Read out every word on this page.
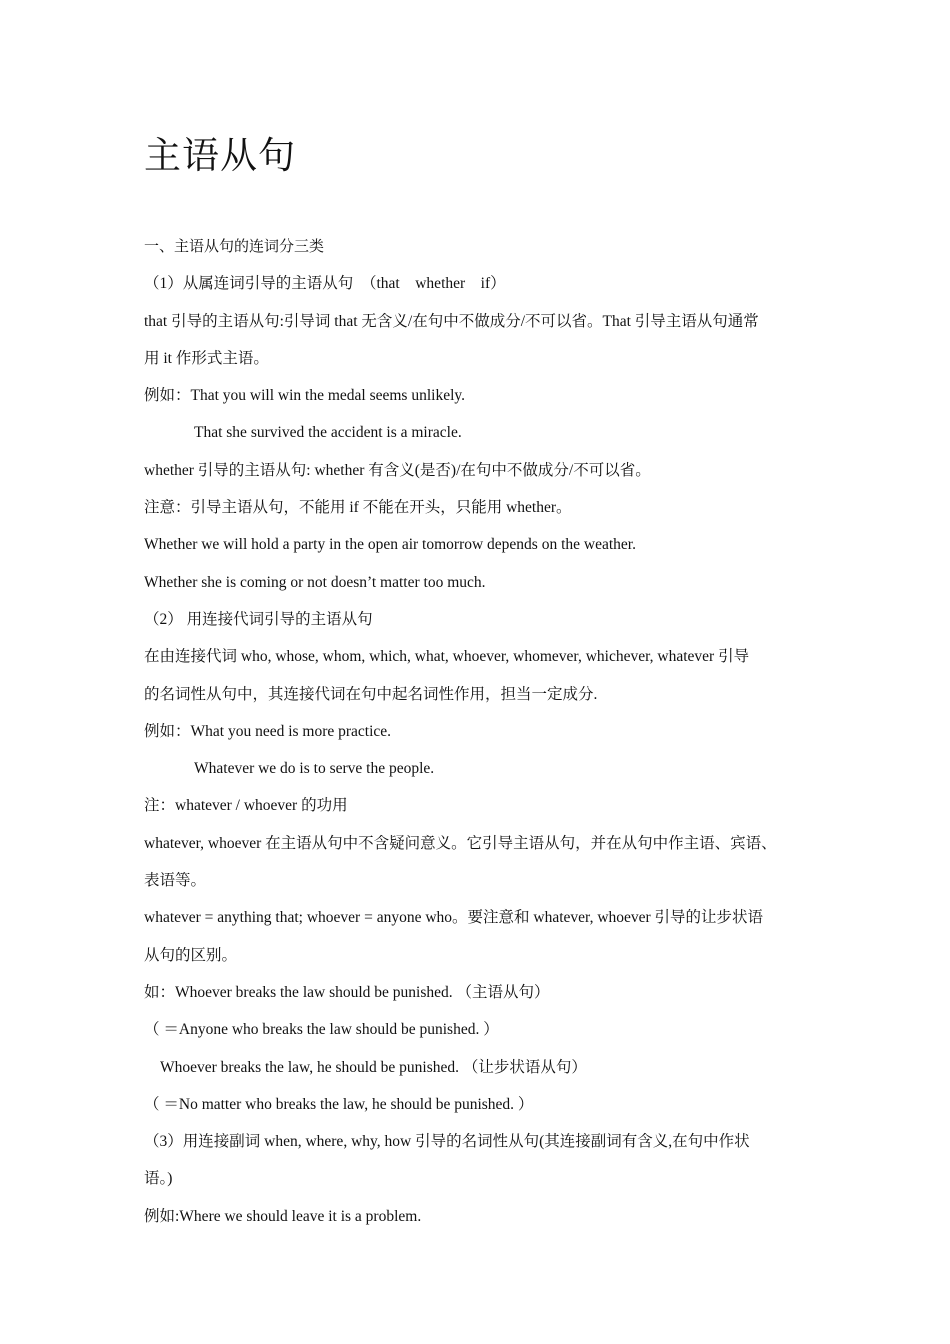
主语从句
一、主语从句的连词分三类
（1）从属连词引导的主语从句　（that　whether　if）
that 引导的主语从句:引导词 that 无含义/在句中不做成分/不可以省。That 引导主语从句通常
用 it 作形式主语。
例如：That you will win the medal seems unlikely.
That she survived the accident is a miracle.
whether 引导的主语从句: whether 有含义(是否)/在句中不做成分/不可以省。
注意：引导主语从句，不能用 if 不能在开头，只能用 whether。
Whether we will hold a party in the open air tomorrow depends on the weather.
Whether she is coming or not doesn’t matter too much.
（2） 用连接代词引导的主语从句
在由连接代词 who, whose, whom, which, what, whoever, whomever, whichever, whatever 引导
的名词性从句中，其连接代词在句中起名词性作用，担当一定成分.
例如：What you need is more practice.
Whatever we do is to serve the people.
注：whatever / whoever 的功用
whatever, whoever 在主语从句中不含疑问意义。它引导主语从句，并在从句中作主语、宾语、
表语等。
whatever = anything that; whoever = anyone who。要注意和 whatever, whoever 引导的让步状语
从句的区别。
如：Whoever breaks the law should be punished. （主语从句）
（ ＝Anyone who breaks the law should be punished. ）
Whoever breaks the law, he should be punished. （让步状语从句）
（ ＝No matter who breaks the law, he should be punished. ）
（3）用连接副词 when, where, why, how 引导的名词性从句(其连接副词有含义,在句中作状
语。)
例如:Where we should leave it is a problem.
